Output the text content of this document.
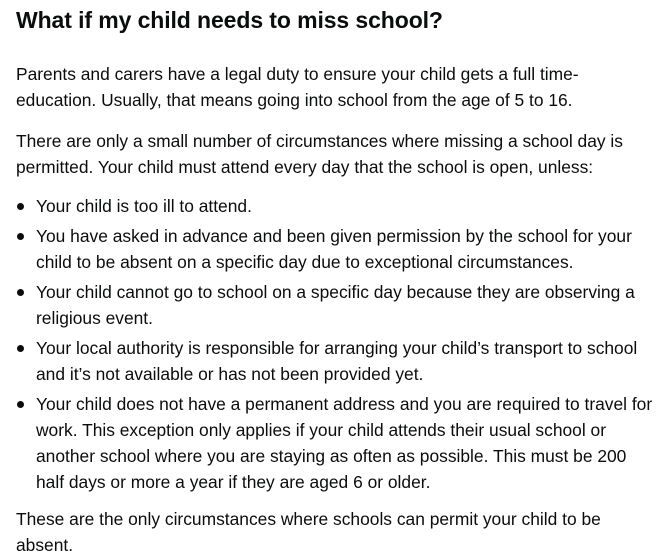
What if my child needs to miss school?

Parents and carers have a legal duty to ensure your child gets a full time-education. Usually, that means going into school from the age of 5 to 16.

There are only a small number of circumstances where missing a school day is permitted. Your child must attend every day that the school is open, unless:

Your child is too ill to attend.
You have asked in advance and been given permission by the school for your child to be absent on a specific day due to exceptional circumstances.
Your child cannot go to school on a specific day because they are observing a religious event.
Your local authority is responsible for arranging your child’s transport to school and it’s not available or has not been provided yet.
Your child does not have a permanent address and you are required to travel for work. This exception only applies if your child attends their usual school or another school where you are staying as often as possible. This must be 200 half days or more a year if they are aged 6 or older.

These are the only circumstances where schools can permit your child to be absent.
